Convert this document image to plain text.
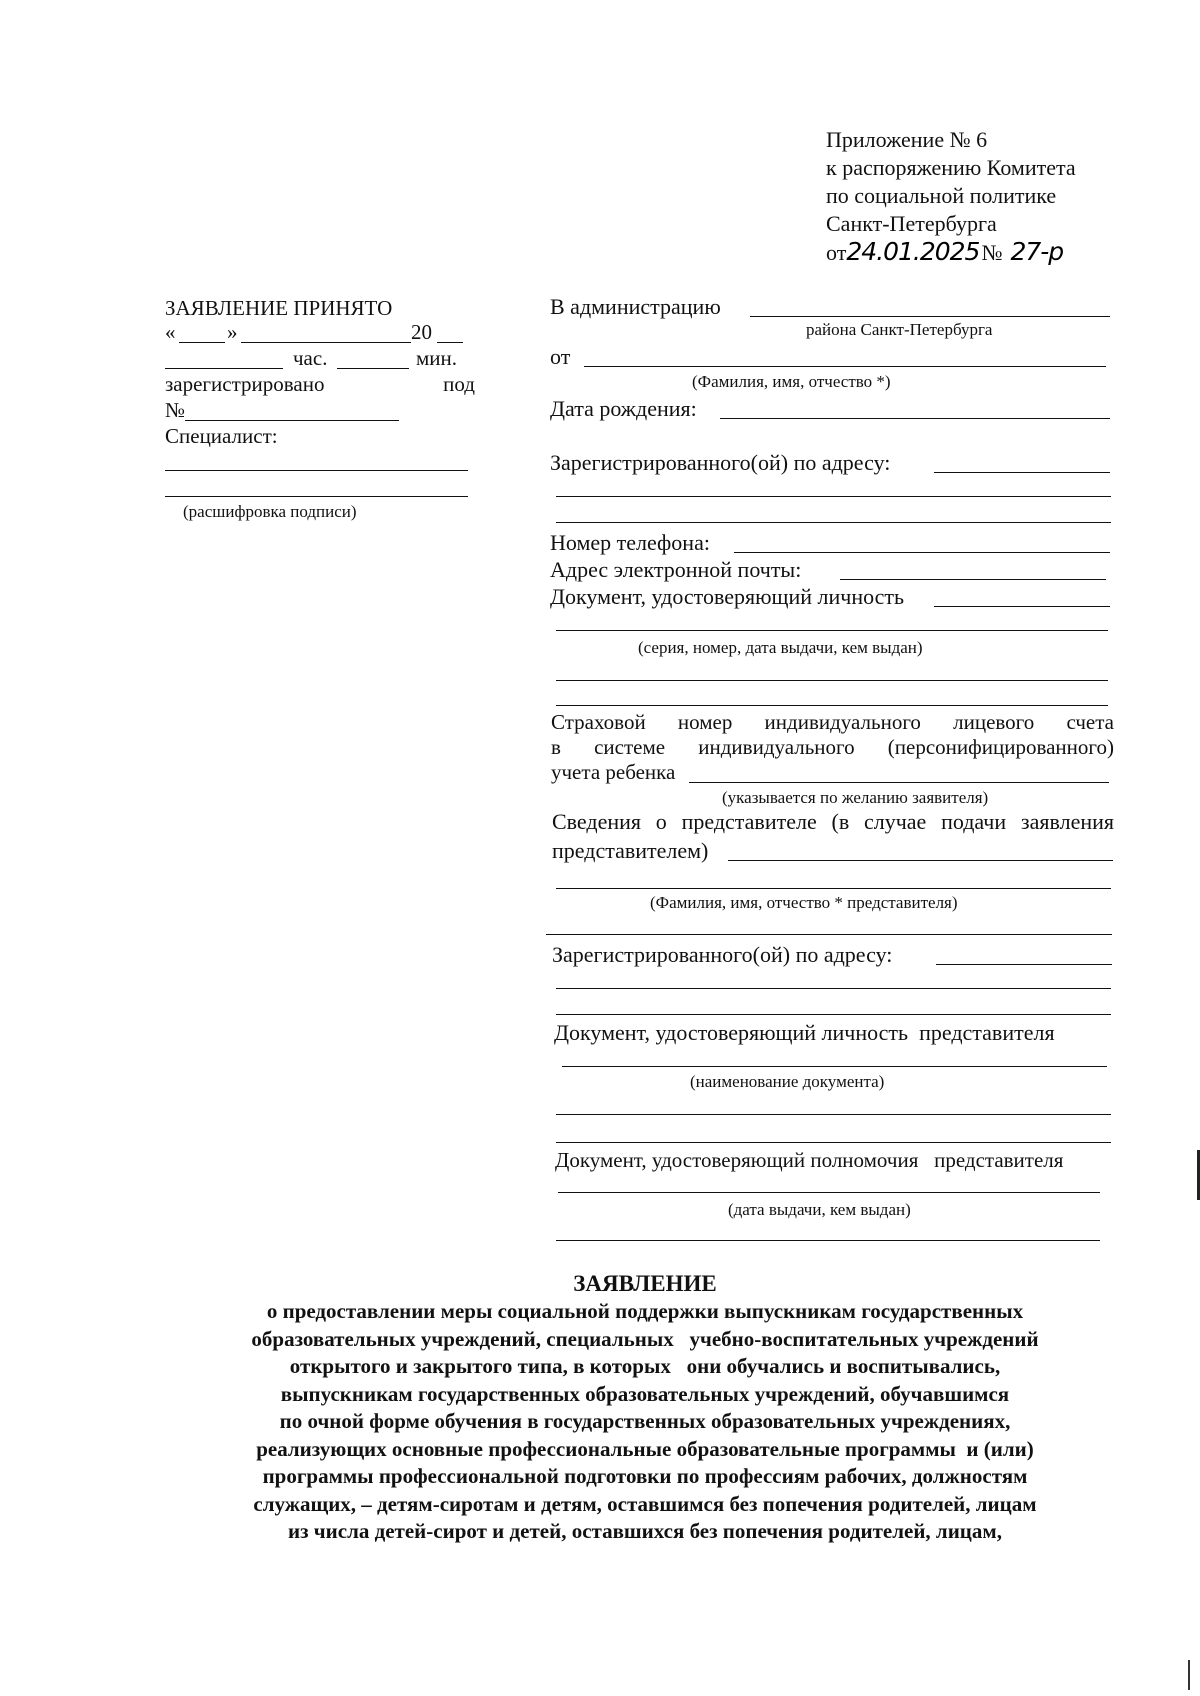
Приложение № 6
к распоряжению Комитета
по социальной политике
Санкт-Петербурга
от24.01.2025№ 27-р
ЗАЯВЛЕНИЕ ПРИНЯТО
« »	20
час.	мин.
зарегистрировано	под
№
Специалист:
(расшифровка подписи)
В администрацию
района Санкт-Петербурга
от
(Фамилия, имя, отчество *)
Дата рождения:
Зарегистрированного(ой) по адресу:
Номер телефона:
Адрес электронной почты:
Документ, удостоверяющий личность
(серия, номер, дата выдачи, кем выдан)
Страховой номер индивидуального лицевого счета
в системе индивидуального (персонифицированного)
учета ребенка
(указывается по желанию заявителя)
Сведения о представителе (в случае подачи заявления
представителем)
(Фамилия, имя, отчество * представителя)
Зарегистрированного(ой) по адресу:
Документ, удостоверяющий личность  представителя
(наименование документа)
Документ, удостоверяющий полномочия   представителя
(дата выдачи, кем выдан)
ЗАЯВЛЕНИЕ
о предоставлении меры социальной поддержки выпускникам государственных
образовательных учреждений, специальных   учебно-воспитательных учреждений
открытого и закрытого типа, в которых   они обучались и воспитывались,
выпускникам государственных образовательных учреждений, обучавшимся
по очной форме обучения в государственных образовательных учреждениях,
реализующих основные профессиональные образовательные программы  и (или)
программы профессиональной подготовки по профессиям рабочих, должностям
служащих, – детям-сиротам и детям, оставшимся без попечения родителей, лицам
из числа детей-сирот и детей, оставшихся без попечения родителей, лицам,
